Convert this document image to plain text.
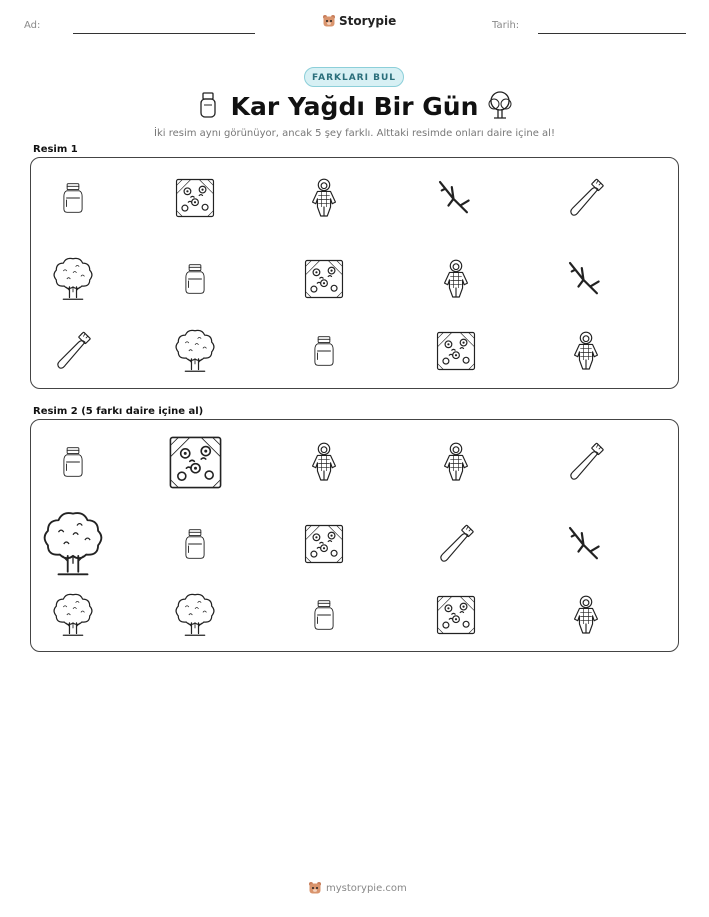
Ad:	Storypie	Tarih:
FARKLARI BUL
Kar Yağdı Bir Gün
İki resim aynı görünüyor, ancak 5 şey farklı. Alttaki resimde onları daire içine al!
Resim 1
Resim 2 (5 farkı daire içine al)
mystorypie.com
